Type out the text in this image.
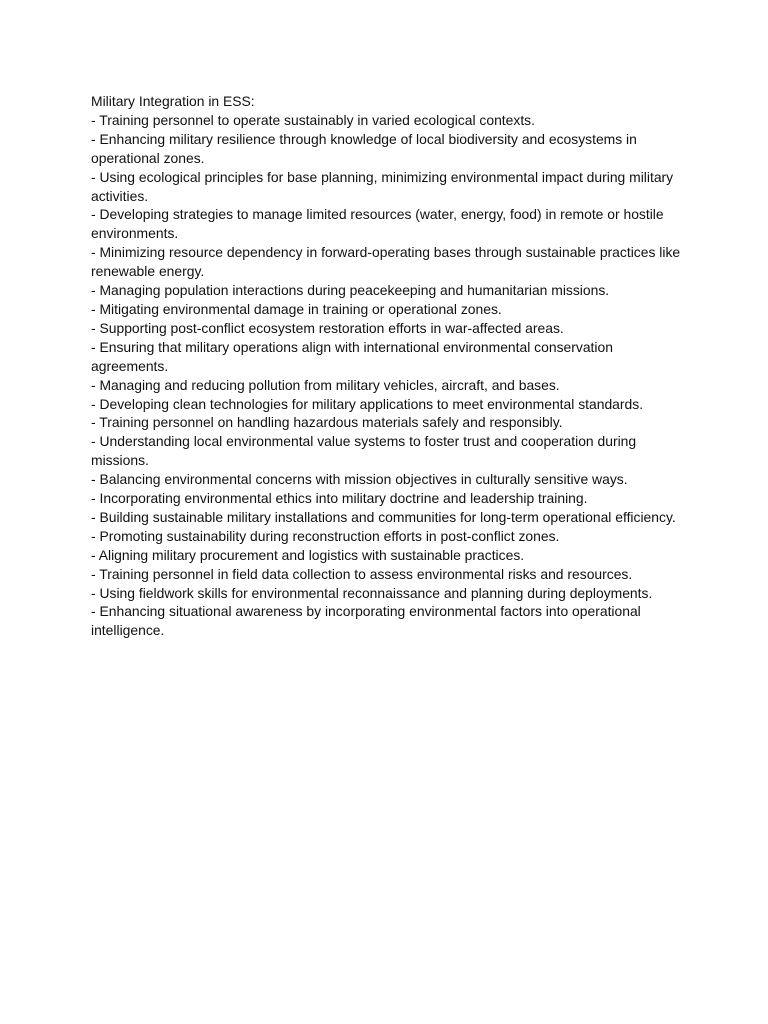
Military Integration in ESS:

- Training personnel to operate sustainably in varied ecological contexts.

- Enhancing military resilience through knowledge of local biodiversity and ecosystems in operational zones.

- Using ecological principles for base planning, minimizing environmental impact during military activities.

- Developing strategies to manage limited resources (water, energy, food) in remote or hostile environments.

- Minimizing resource dependency in forward-operating bases through sustainable practices like renewable energy.

- Managing population interactions during peacekeeping and humanitarian missions.

- Mitigating environmental damage in training or operational zones.

- Supporting post-conflict ecosystem restoration efforts in war-affected areas.

- Ensuring that military operations align with international environmental conservation agreements.

- Managing and reducing pollution from military vehicles, aircraft, and bases.

- Developing clean technologies for military applications to meet environmental standards.

- Training personnel on handling hazardous materials safely and responsibly.

- Understanding local environmental value systems to foster trust and cooperation during missions.

- Balancing environmental concerns with mission objectives in culturally sensitive ways.

- Incorporating environmental ethics into military doctrine and leadership training.

- Building sustainable military installations and communities for long-term operational efficiency.

- Promoting sustainability during reconstruction efforts in post-conflict zones.

- Aligning military procurement and logistics with sustainable practices.

- Training personnel in field data collection to assess environmental risks and resources.

- Using fieldwork skills for environmental reconnaissance and planning during deployments.

- Enhancing situational awareness by incorporating environmental factors into operational intelligence.
